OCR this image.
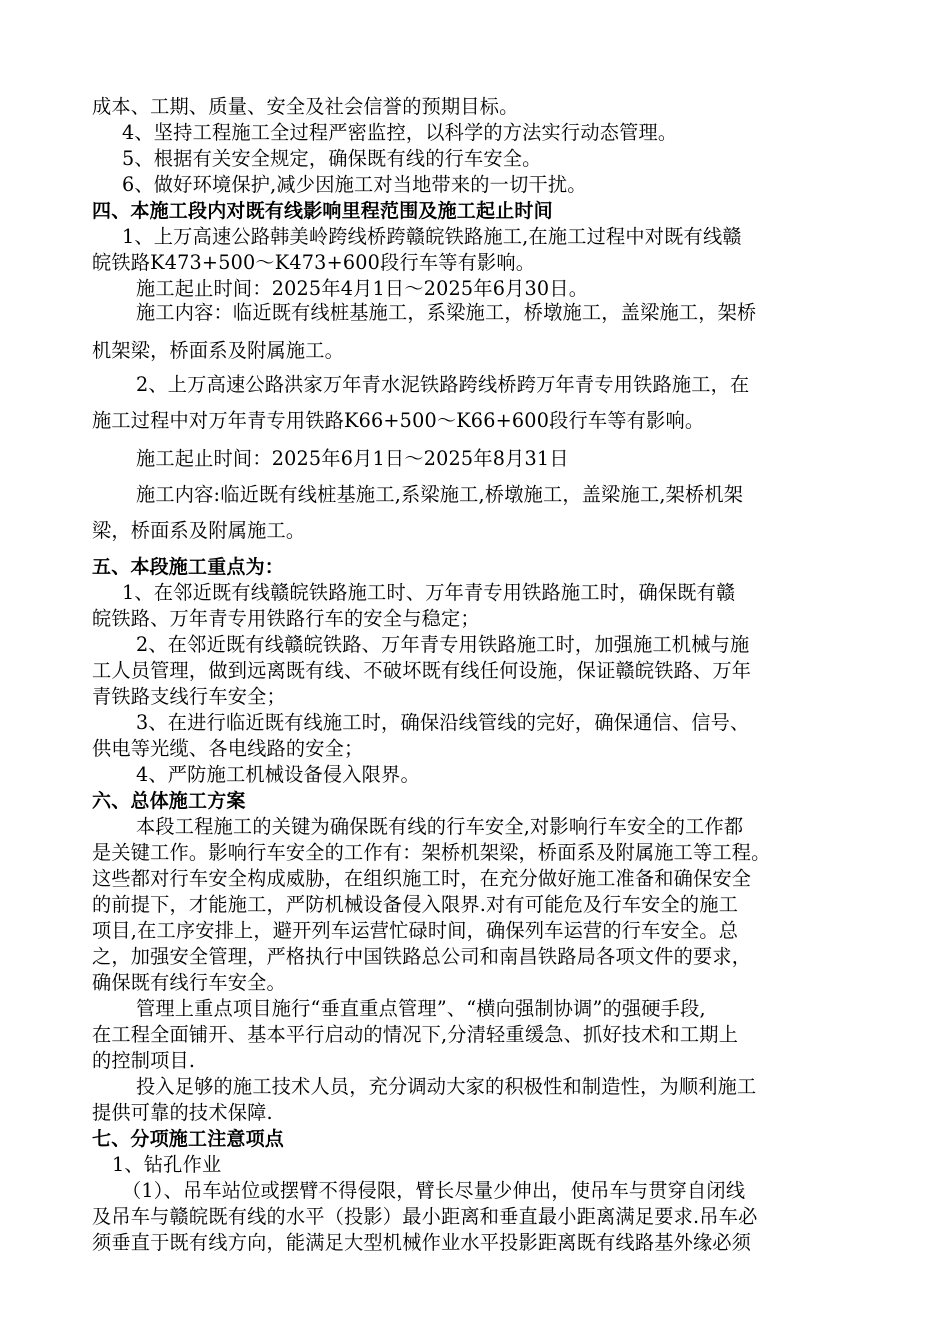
成本、工期、质量、安全及社会信誉的预期目标。
4、坚持工程施工全过程严密监控，以科学的方法实行动态管理。
5、根据有关安全规定，确保既有线的行车安全。
6、做好环境保护,减少因施工对当地带来的一切干扰。
四、本施工段内对既有线影响里程范围及施工起止时间
1、上万高速公路韩美岭跨线桥跨赣皖铁路施工,在施工过程中对既有线赣
皖铁路K473+500～K473+600段行车等有影响。
施工起止时间：2025年4月1日～2025年6月30日。
施工内容：临近既有线桩基施工，系梁施工，桥墩施工，盖梁施工，架桥
机架梁，桥面系及附属施工。
2、上万高速公路洪家万年青水泥铁路跨线桥跨万年青专用铁路施工，在
施工过程中对万年青专用铁路K66+500～K66+600段行车等有影响。
施工起止时间：2025年6月1日～2025年8月31日
施工内容:临近既有线桩基施工,系梁施工,桥墩施工，盖梁施工,架桥机架
梁，桥面系及附属施工。
五、本段施工重点为：
1、在邻近既有线赣皖铁路施工时、万年青专用铁路施工时，确保既有赣
皖铁路、万年青专用铁路行车的安全与稳定；
2、在邻近既有线赣皖铁路、万年青专用铁路施工时，加强施工机械与施
工人员管理，做到远离既有线、不破坏既有线任何设施，保证赣皖铁路、万年
青铁路支线行车安全；
3、在进行临近既有线施工时，确保沿线管线的完好，确保通信、信号、
供电等光缆、各电线路的安全；
4、严防施工机械设备侵入限界。
六、总体施工方案
本段工程施工的关键为确保既有线的行车安全,对影响行车安全的工作都
是关键工作。影响行车安全的工作有：架桥机架梁，桥面系及附属施工等工程。
这些都对行车安全构成威胁，在组织施工时，在充分做好施工准备和确保安全
的前提下，才能施工，严防机械设备侵入限界.对有可能危及行车安全的施工
项目,在工序安排上，避开列车运营忙碌时间，确保列车运营的行车安全。总
之，加强安全管理，严格执行中国铁路总公司和南昌铁路局各项文件的要求，
确保既有线行车安全。
管理上重点项目施行“垂直重点管理”、“横向强制协调”的强硬手段,
在工程全面铺开、基本平行启动的情况下,分清轻重缓急、抓好技术和工期上
的控制项目.
投入足够的施工技术人员，充分调动大家的积极性和制造性，为顺利施工
提供可靠的技术保障.
七、分项施工注意项点
1、钻孔作业
（1）、吊车站位或摆臂不得侵限，臂长尽量少伸出，使吊车与贯穿自闭线
及吊车与赣皖既有线的水平（投影）最小距离和垂直最小距离满足要求.吊车必
须垂直于既有线方向，能满足大型机械作业水平投影距离既有线路基外缘必须
